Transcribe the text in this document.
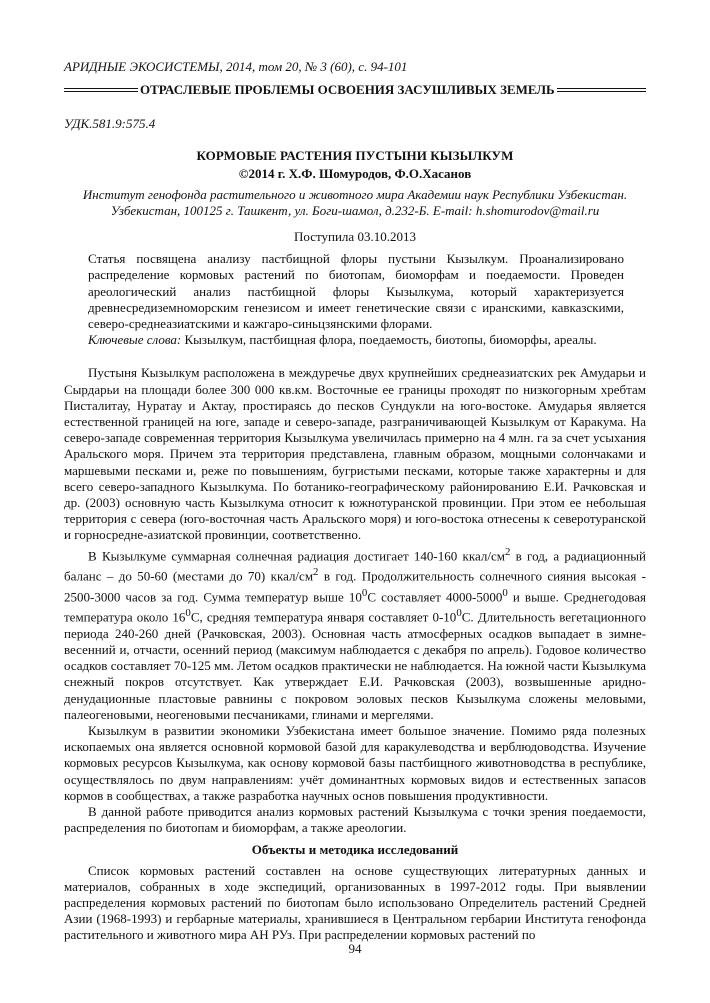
АРИДНЫЕ ЭКОСИСТЕМЫ, 2014, том 20, № 3 (60), с. 94-101
ОТРАСЛЕВЫЕ ПРОБЛЕМЫ ОСВОЕНИЯ ЗАСУШЛИВЫХ ЗЕМЕЛЬ
УДК.581.9:575.4
КОРМОВЫЕ РАСТЕНИЯ ПУСТЫНИ КЫЗЫЛКУМ
©2014 г. Х.Ф. Шомуродов, Ф.О.Хасанов
Институт генофонда растительного и животного мира Академии наук Республики Узбекистан. Узбекистан, 100125 г. Ташкент, ул. Боги-шамол, д.232-Б. E-mail: h.shomurodov@mail.ru
Поступила 03.10.2013

Статья посвящена анализу пастбищной флоры пустыни Кызылкум. Проанализировано распределение кормовых растений по биотопам, биоморфам и поедаемости. Проведен ареологический анализ пастбищной флоры Кызылкума, который характеризуется древнесредиземноморским генезисом и имеет генетические связи с иранскими, кавказскими, северо-среднеазиатскими и кажгаро-синьцзянскими флорами.

Ключевые слова: Кызылкум, пастбищная флора, поедаемость, биотопы, биоморфы, ареалы.

Пустыня Кызылкум расположена в междуречье двух крупнейших среднеазиатских рек Амударьи и Сырдарьи на площади более 300 000 кв.км. Восточные ее границы проходят по низкогорным хребтам Писталитау, Нуратау и Актау, простираясь до песков Сундукли на юго-востоке. Амударья является естественной границей на юге, западе и северо-западе, разграничивающей Кызылкум от Каракума. На северо-западе современная территория Кызылкума увеличилась примерно на 4 млн. га за счет усыхания Аральского моря. Причем эта территория представлена, главным образом, мощными солончаками и маршевыми песками и, реже по повышениям, бугристыми песками, которые также характерны и для всего северо-западного Кызылкума. По ботанико-географическому районированию Е.И. Рачковская и др. (2003) основную часть Кызылкума относит к южнотуранской провинции. При этом ее небольшая территория с севера (юго-восточная часть Аральского моря) и юго-востока отнесены к северотуранской и горносредне-азиатской провинции, соответственно.

В Кызылкуме суммарная солнечная радиация достигает 140-160 ккал/$см^2$ в год, а радиационный баланс – до 50-60 (местами до 70) ккал/$см^2$ в год. Продолжительность солнечного сияния высокая - 2500-3000 часов за год. Сумма температур выше $10^0С$ составляет 4000-5000$^0$ и выше. Среднегодовая температура около $16^0С$, средняя температура января составляет $0-10^0С$. Длительность вегетационного периода 240-260 дней (Рачковская, 2003). Основная часть атмосферных осадков выпадает в зимне-весенний и, отчасти, осенний период (максимум наблюдается с декабря по апрель). Годовое количество осадков составляет 70-125 мм. Летом осадков практически не наблюдается. На южной части Кызылкума снежный покров отсутствует. Как утверждает Е.И. Рачковская (2003), возвышенные аридно-денудационные пластовые равнины с покровом эоловых песков Кызылкума сложены меловыми, палеогеновыми, неогеновыми песчаниками, глинами и мергелями.

Кызылкум в развитии экономики Узбекистана имеет большое значение. Помимо ряда полезных ископаемых она является основной кормовой базой для каракулеводства и верблюдоводства. Изучение кормовых ресурсов Кызылкума, как основу кормовой базы пастбищного животноводства в республике, осуществлялось по двум направлениям: учёт доминантных кормовых видов и естественных запасов кормов в сообществах, а также разработка научных основ повышения продуктивности.

В данной работе приводится анализ кормовых растений Кызылкума с точки зрения поедаемости, распределения по биотопам и биоморфам, а также ареологии.

Объекты и методика исследований

Список кормовых растений составлен на основе существующих литературных данных и материалов, собранных в ходе экспедиций, организованных в 1997-2012 годы. При выявлении распределения кормовых растений по биотопам было использовано Определитель растений Средней Азии (1968-1993) и гербарные материалы, хранившиеся в Центральном гербарии Института генофонда растительного и животного мира АН РУз. При распределении кормовых растений по

94
